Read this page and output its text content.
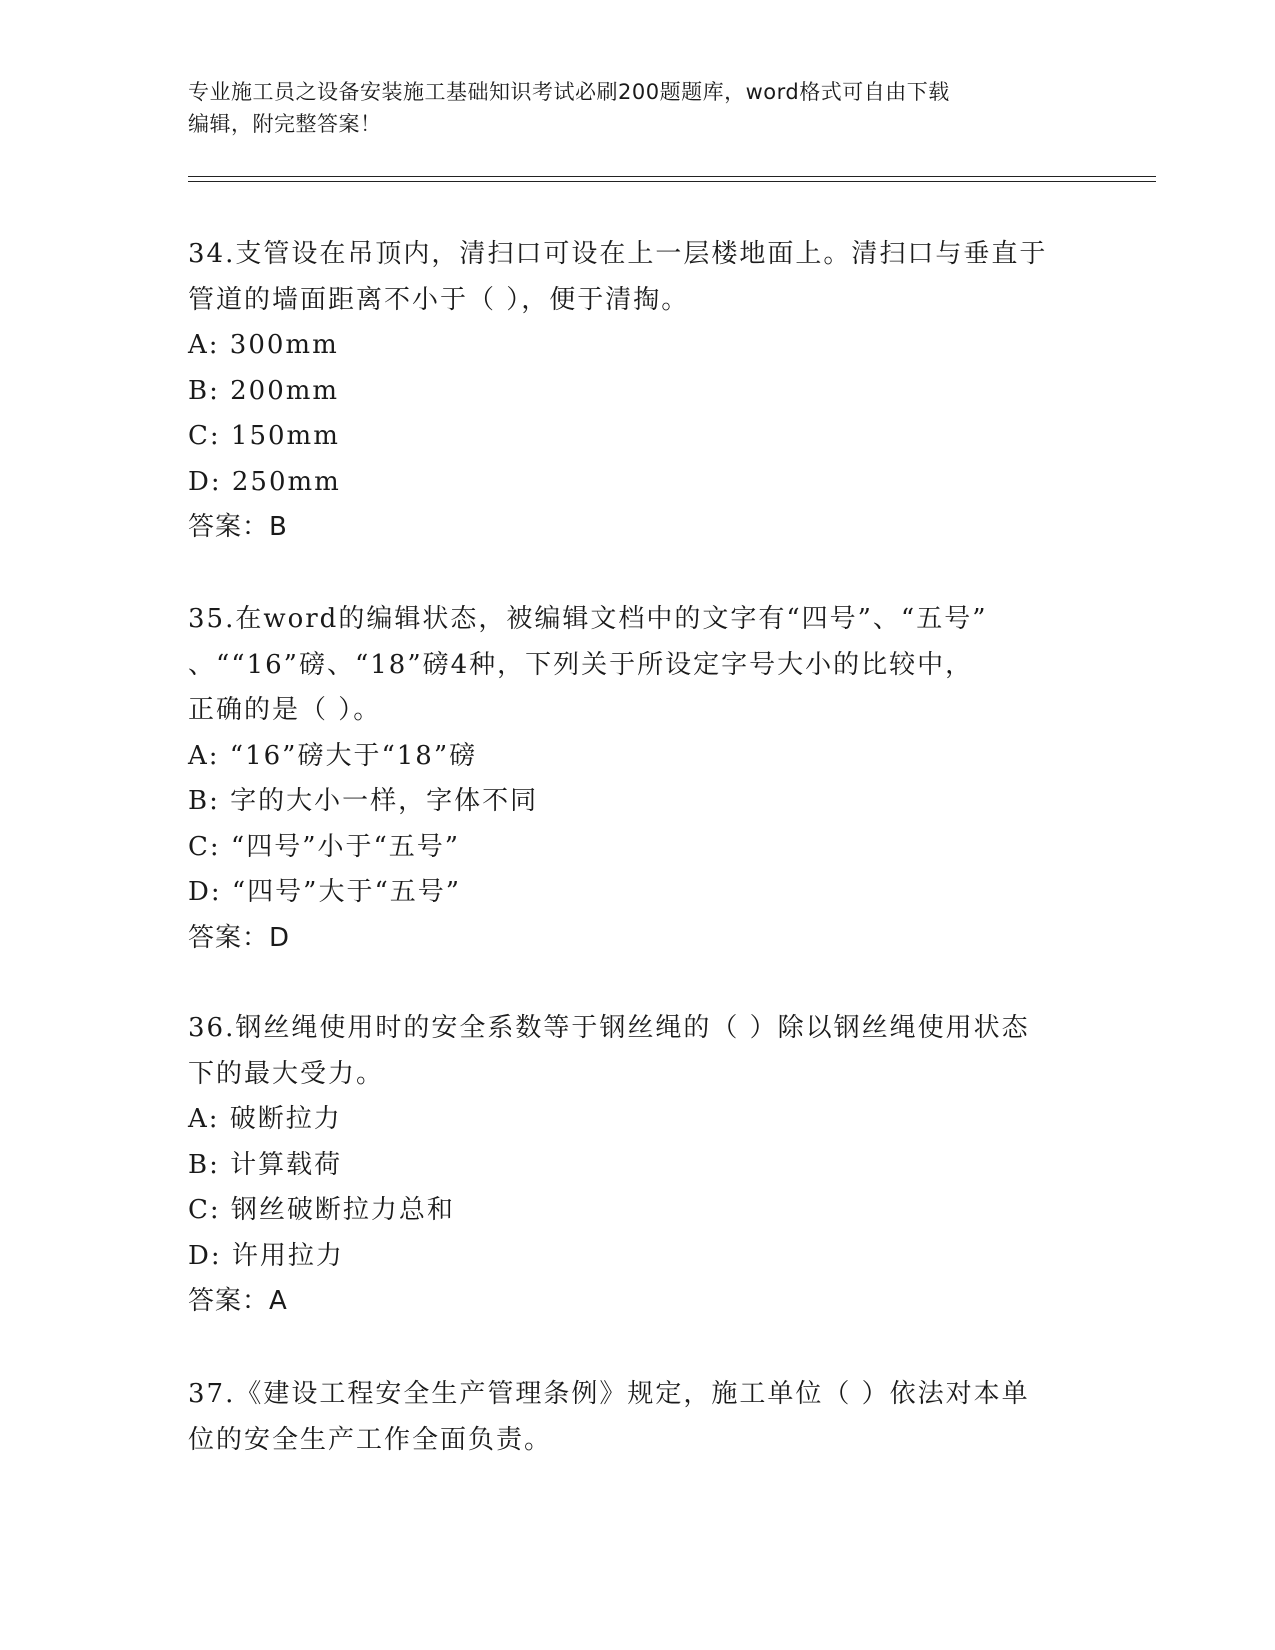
专业施工员之设备安装施工基础知识考试必刷200题题库，word格式可自由下载
编辑，附完整答案！

34.支管设在吊顶内，清扫口可设在上一层楼地面上。清扫口与垂直于

管道的墙面距离不小于（ ），便于清掏。

A: 300mm

B: 200mm

C: 150mm

D: 250mm

答案：B

35.在word的编辑状态，被编辑文档中的文字有“四号”、“五号”

、““16”磅、“18”磅4种，下列关于所设定字号大小的比较中，

正确的是（ ）。

A: “16”磅大于“18”磅

B: 字的大小一样，字体不同

C: “四号”小于“五号”

D: “四号”大于“五号”

答案：D

36.钢丝绳使用时的安全系数等于钢丝绳的（ ）除以钢丝绳使用状态

下的最大受力。

A: 破断拉力

B: 计算载荷

C: 钢丝破断拉力总和

D: 许用拉力

答案：A

37.《建设工程安全生产管理条例》规定，施工单位（ ）依法对本单

位的安全生产工作全面负责。
